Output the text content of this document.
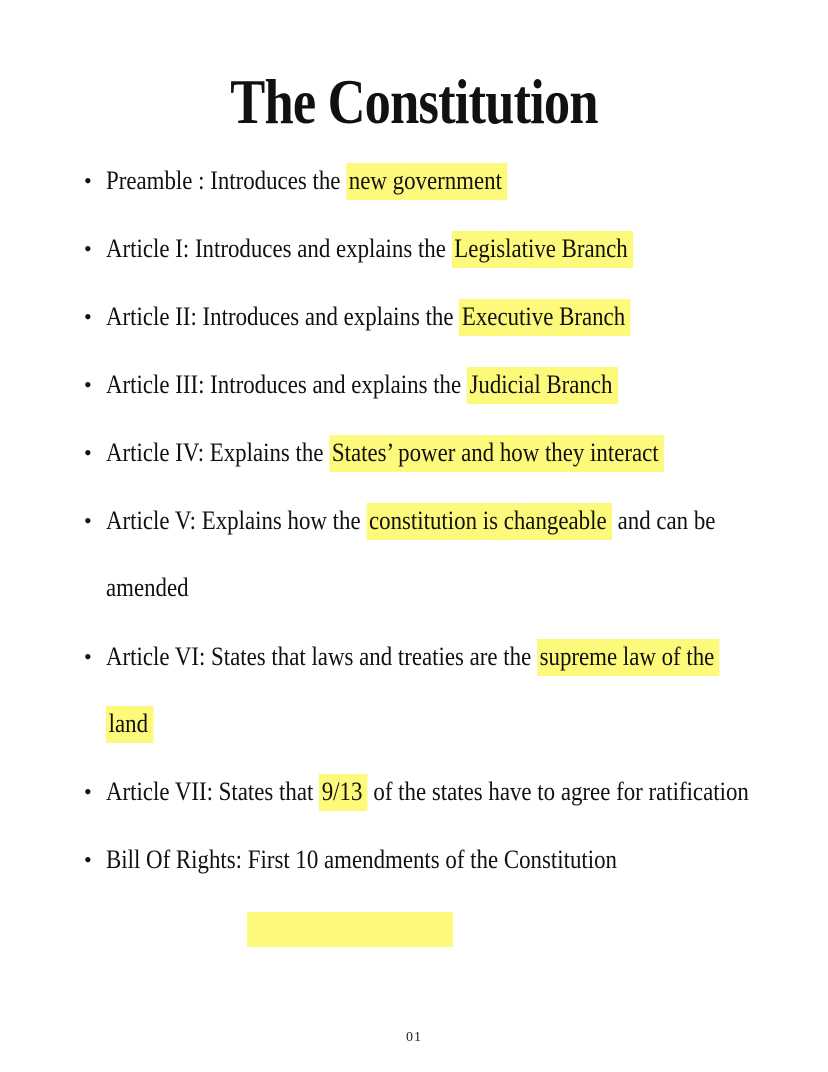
The Constitution
• Preamble : Introduces the new government
• Article I: Introduces and explains the Legislative Branch
• Article II: Introduces and explains the Executive Branch
• Article III: Introduces and explains the Judicial Branch
• Article IV: Explains the States’ power and how they interact
• Article V: Explains how the constitution is changeable and can be
amended
• Article VI: States that laws and treaties are the supreme law of the
land
• Article VII: States that 9/13 of the states have to agree for ratification
• Bill Of Rights: First 10 amendments of the Constitution
01
